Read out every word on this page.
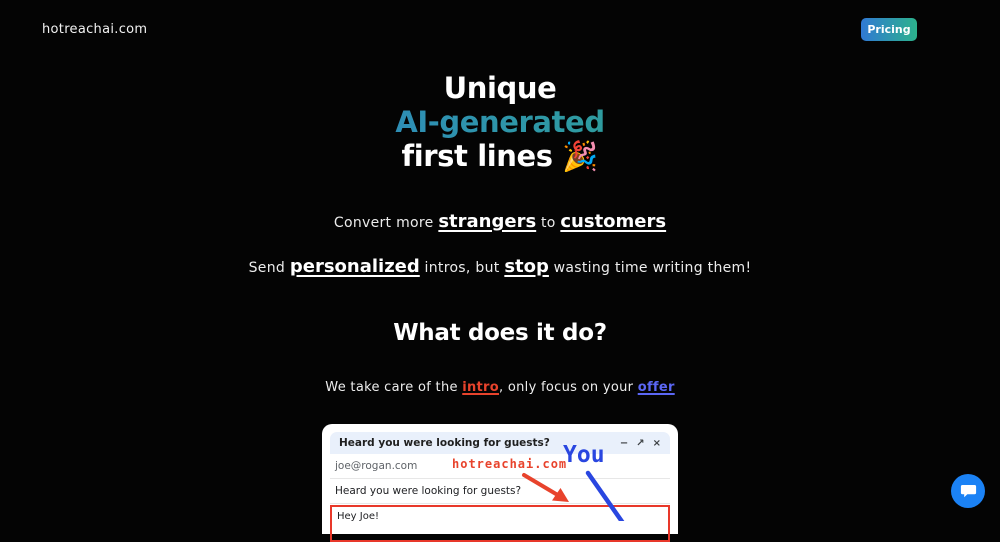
hotreachai.com	Pricing
Unique
AI-generated
first lines 🎉
Convert more strangers to customers
Send personalized intros, but stop wasting time writing them!
What does it do?
We take care of the intro, only focus on your offer
Heard you were looking for guests?	− ↗ ×
joe@rogan.com
Heard you were looking for guests?
Hey Joe!
hotreachai.com
You
